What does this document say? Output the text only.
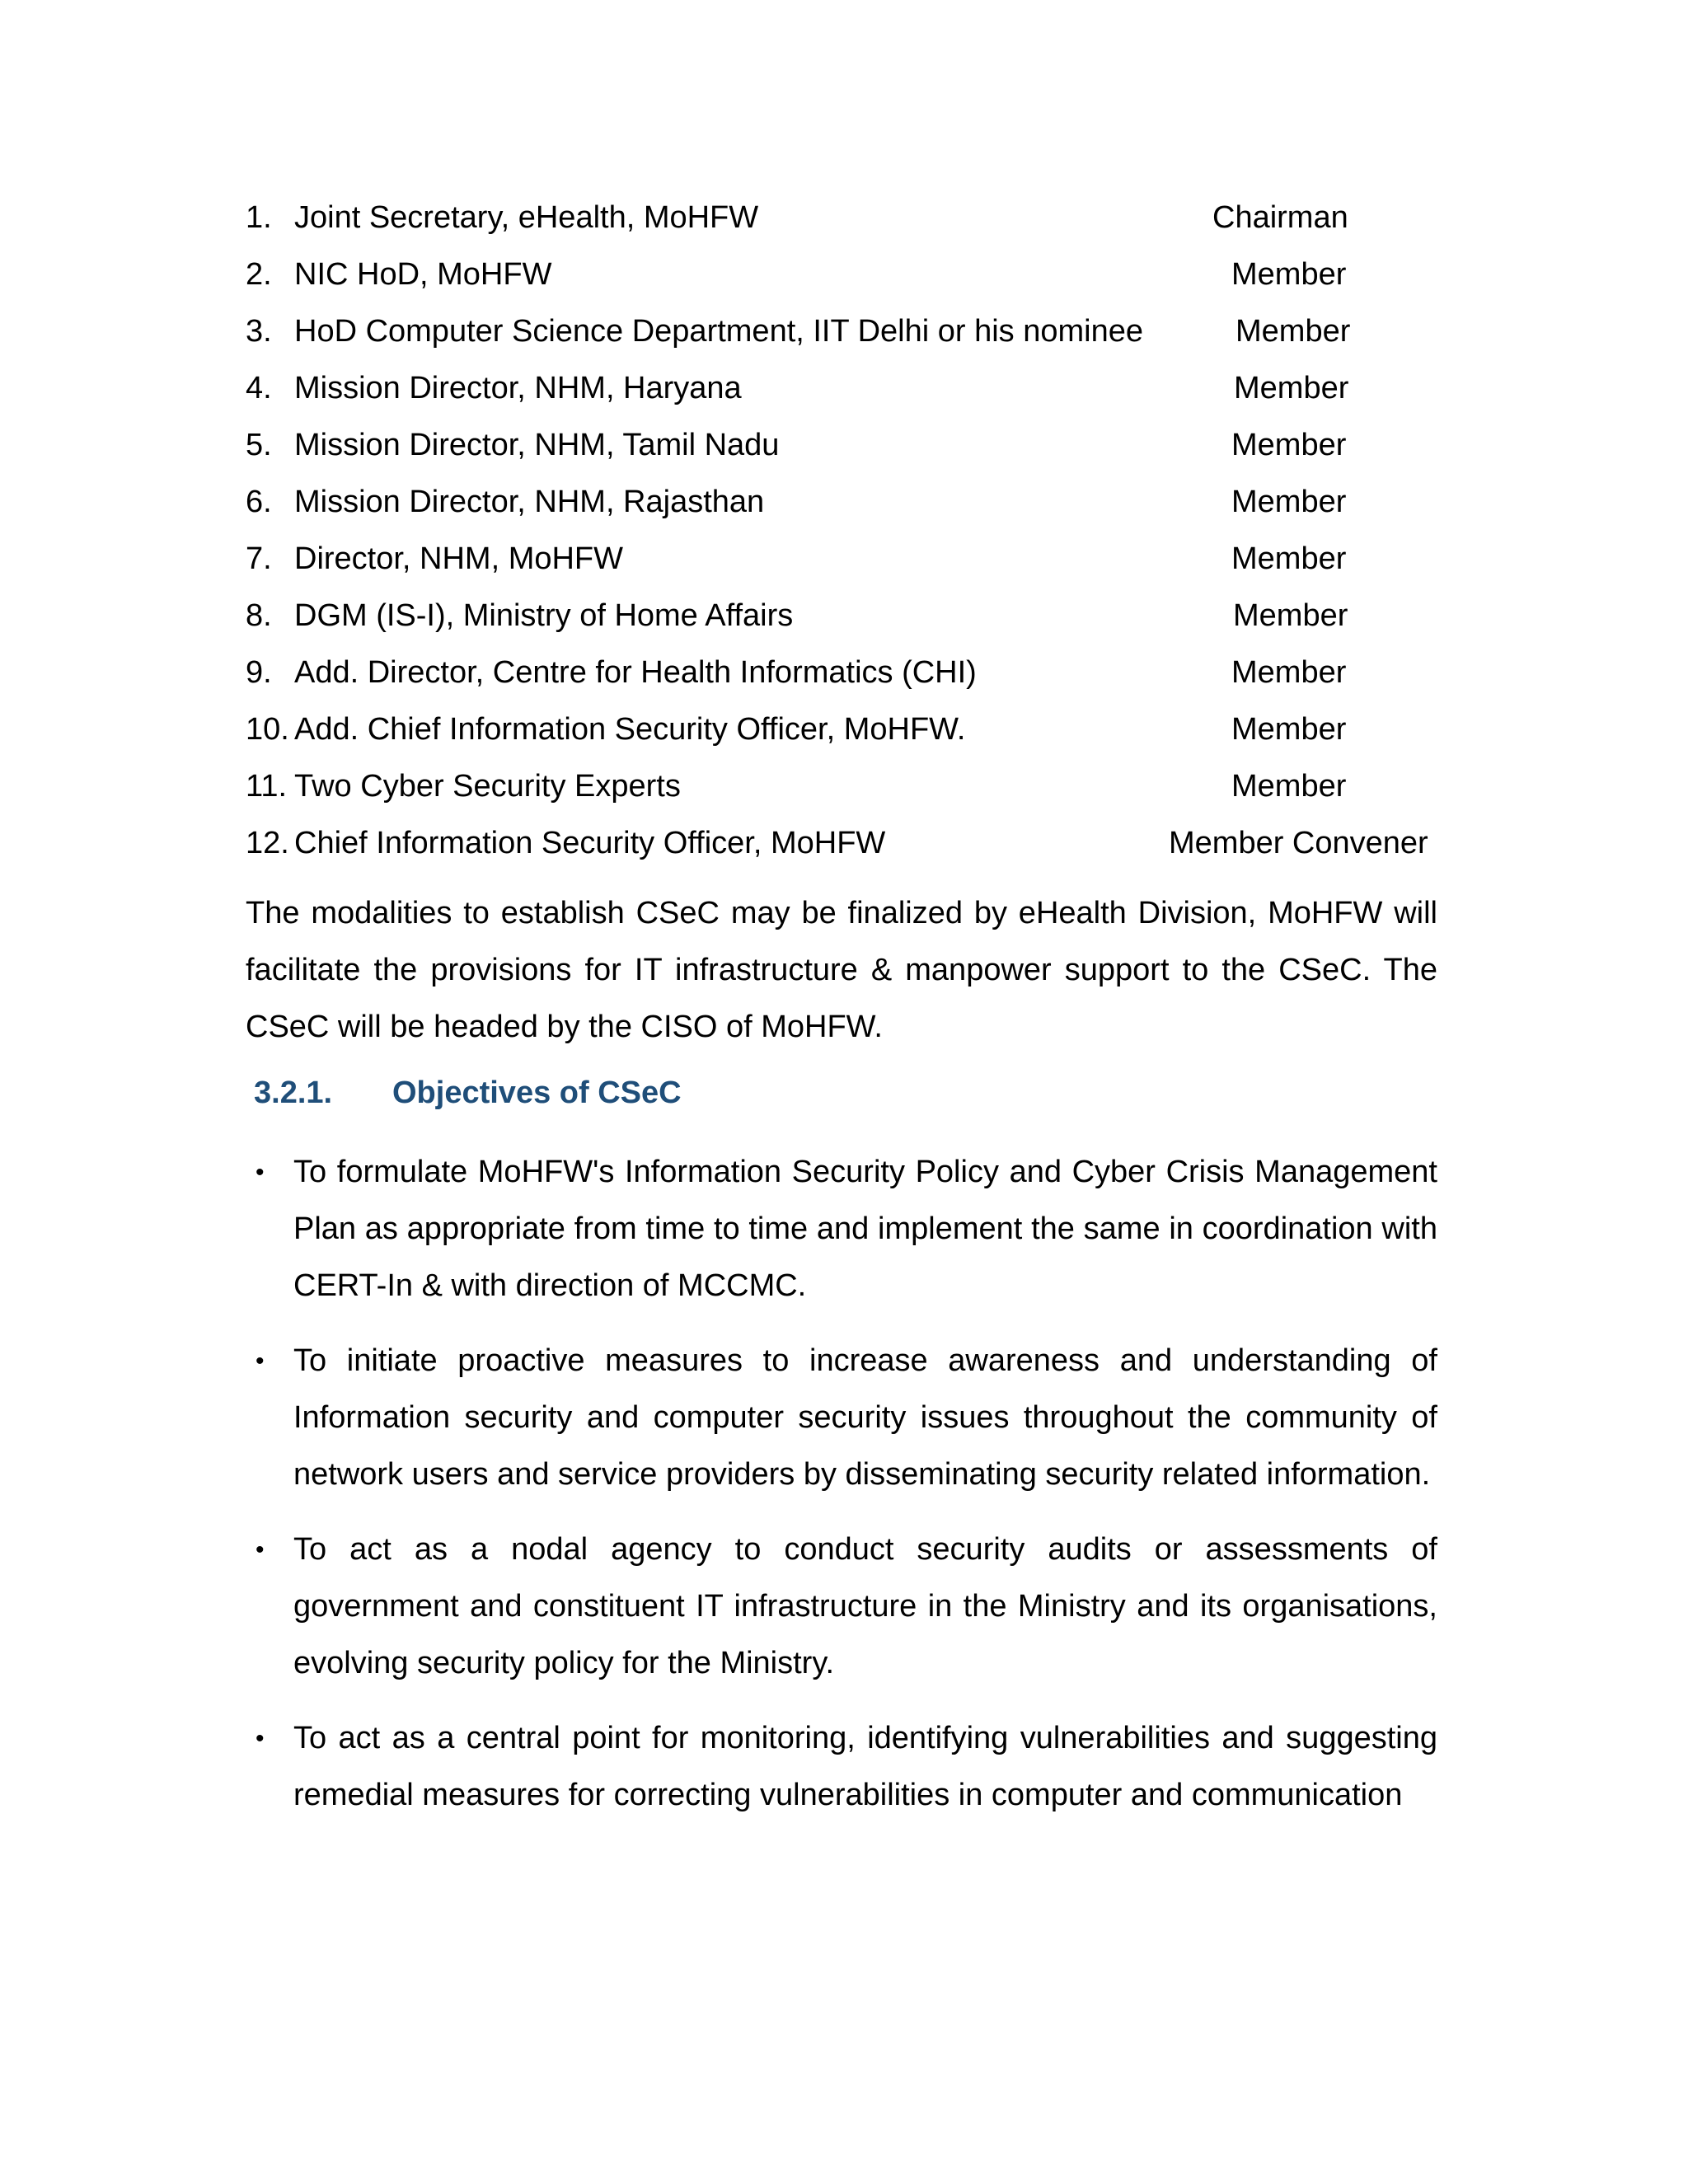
1. Joint Secretary, eHealth, MoHFW	Chairman
2. NIC HoD, MoHFW	Member
3. HoD Computer Science Department, IIT Delhi or his nominee	Member
4. Mission Director, NHM, Haryana	Member
5. Mission Director, NHM, Tamil Nadu	Member
6. Mission Director, NHM, Rajasthan	Member
7. Director, NHM, MoHFW	Member
8. DGM (IS-I), Ministry of Home Affairs	Member
9. Add. Director, Centre for Health Informatics (CHI)	Member
10. Add. Chief Information Security Officer, MoHFW.	Member
11. Two Cyber Security Experts	Member
12. Chief Information Security Officer, MoHFW	Member Convener

The modalities to establish CSeC may be finalized by eHealth Division, MoHFW will facilitate the provisions for IT infrastructure & manpower support to the CSeC. The CSeC will be headed by the CISO of MoHFW.

3.2.1. Objectives of CSeC
• To formulate MoHFW's Information Security Policy and Cyber Crisis Management Plan as appropriate from time to time and implement the same in coordination with CERT-In & with direction of MCCMC.
• To initiate proactive measures to increase awareness and understanding of Information security and computer security issues throughout the community of network users and service providers by disseminating security related information.
• To act as a nodal agency to conduct security audits or assessments of government and constituent IT infrastructure in the Ministry and its organisations, evolving security policy for the Ministry.
• To act as a central point for monitoring, identifying vulnerabilities and suggesting remedial measures for correcting vulnerabilities in computer and communication
